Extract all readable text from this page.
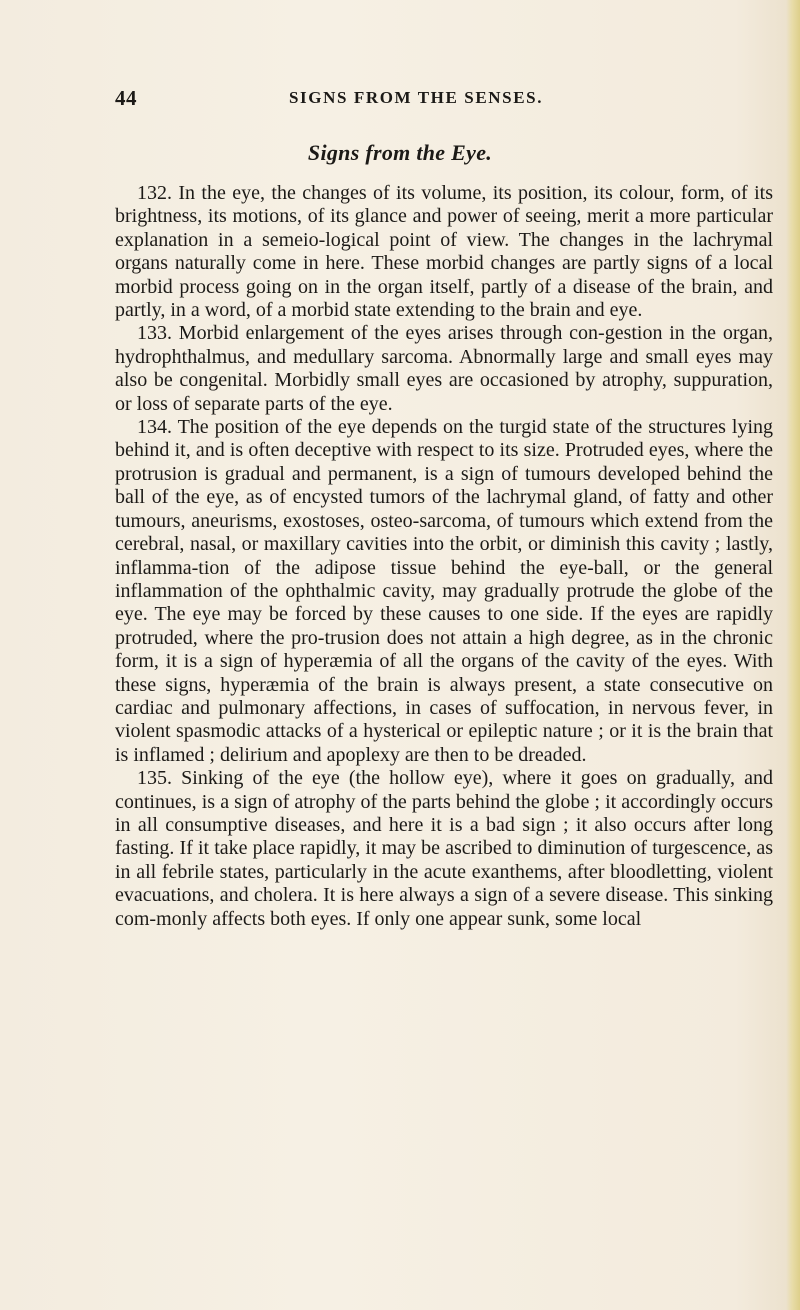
44	SIGNS FROM THE SENSES.
Signs from the Eye.

132. In the eye, the changes of its volume, its position, its colour, form, of its brightness, its motions, of its glance and power of seeing, merit a more particular explanation in a semeio-logical point of view. The changes in the lachrymal organs naturally come in here. These morbid changes are partly signs of a local morbid process going on in the organ itself, partly of a disease of the brain, and partly, in a word, of a morbid state extending to the brain and eye.

133. Morbid enlargement of the eyes arises through con-gestion in the organ, hydrophthalmus, and medullary sarcoma. Abnormally large and small eyes may also be congenital. Morbidly small eyes are occasioned by atrophy, suppuration, or loss of separate parts of the eye.

134. The position of the eye depends on the turgid state of the structures lying behind it, and is often deceptive with respect to its size. Protruded eyes, where the protrusion is gradual and permanent, is a sign of tumours developed behind the ball of the eye, as of encysted tumors of the lachrymal gland, of fatty and other tumours, aneurisms, exostoses, osteo-sarcoma, of tumours which extend from the cerebral, nasal, or maxillary cavities into the orbit, or diminish this cavity ; lastly, inflamma-tion of the adipose tissue behind the eye-ball, or the general inflammation of the ophthalmic cavity, may gradually protrude the globe of the eye. The eye may be forced by these causes to one side. If the eyes are rapidly protruded, where the pro-trusion does not attain a high degree, as in the chronic form, it is a sign of hyperæmia of all the organs of the cavity of the eyes. With these signs, hyperæmia of the brain is always present, a state consecutive on cardiac and pulmonary affections, in cases of suffocation, in nervous fever, in violent spasmodic attacks of a hysterical or epileptic nature ; or it is the brain that is inflamed ; delirium and apoplexy are then to be dreaded.

135. Sinking of the eye (the hollow eye), where it goes on gradually, and continues, is a sign of atrophy of the parts behind the globe ; it accordingly occurs in all consumptive diseases, and here it is a bad sign ; it also occurs after long fasting. If it take place rapidly, it may be ascribed to diminution of turgescence, as in all febrile states, particularly in the acute exanthems, after bloodletting, violent evacuations, and cholera. It is here always a sign of a severe disease. This sinking com-monly affects both eyes. If only one appear sunk, some local
